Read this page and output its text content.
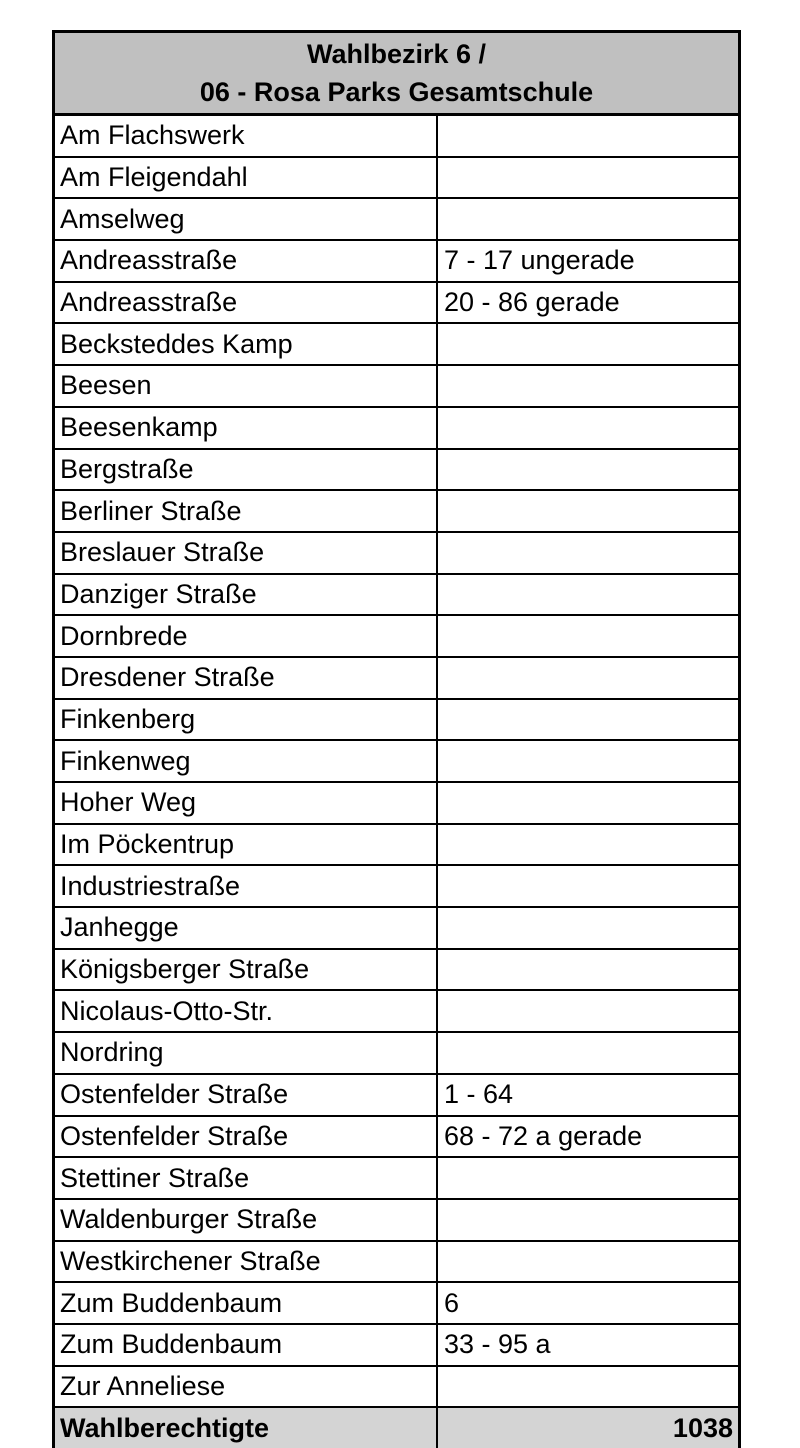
Wahlbezirk 6 /
06 - Rosa Parks Gesamtschule
Am Flachswerk
Am Fleigendahl
Amselweg
Andreasstraße	7 - 17 ungerade
Andreasstraße	20 - 86 gerade
Becksteddes Kamp
Beesen
Beesenkamp
Bergstraße
Berliner Straße
Breslauer Straße
Danziger Straße
Dornbrede
Dresdener Straße
Finkenberg
Finkenweg
Hoher Weg
Im Pöckentrup
Industriestraße
Janhegge
Königsberger Straße
Nicolaus-Otto-Str.
Nordring
Ostenfelder Straße	1 - 64
Ostenfelder Straße	68 - 72 a gerade
Stettiner Straße
Waldenburger Straße
Westkirchener Straße
Zum Buddenbaum	6
Zum Buddenbaum	33 - 95 a
Zur Anneliese
Wahlberechtigte	1038
